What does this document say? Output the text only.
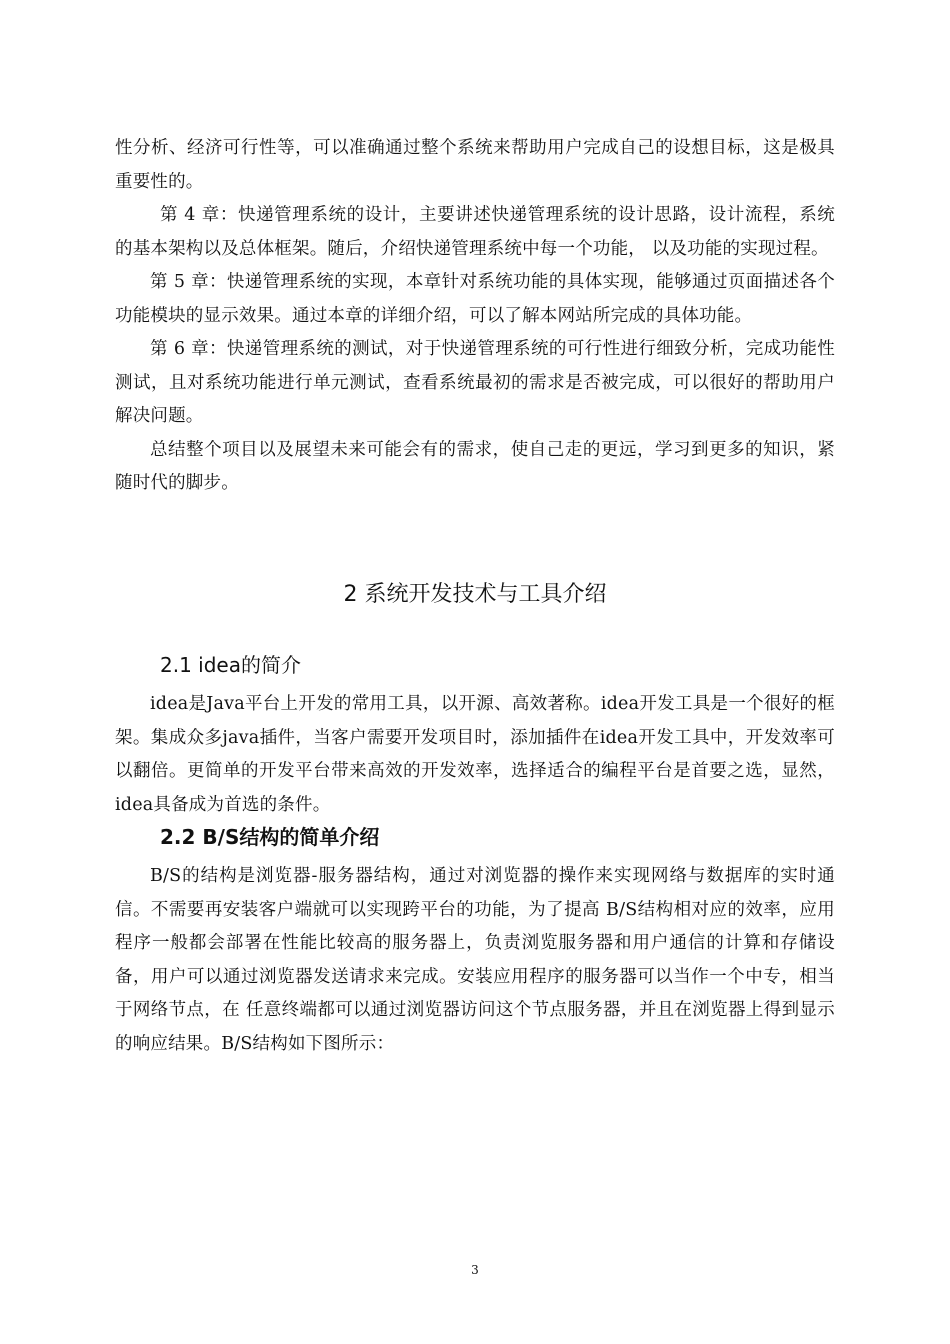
性分析、经济可行性等，可以准确通过整个系统来帮助用户完成自己的设想目标，这是极具重要性的。

第 4 章：快递管理系统的设计，主要讲述快递管理系统的设计思路，设计流程，系统的基本架构以及总体框架。随后，介绍快递管理系统中每一个功能， 以及功能的实现过程。

第 5 章：快递管理系统的实现，本章针对系统功能的具体实现，能够通过页面描述各个功能模块的显示效果。通过本章的详细介绍，可以了解本网站所完成的具体功能。

第 6 章：快递管理系统的测试，对于快递管理系统的可行性进行细致分析，完成功能性测试，且对系统功能进行单元测试，查看系统最初的需求是否被完成，可以很好的帮助用户解决问题。

总结整个项目以及展望未来可能会有的需求，使自己走的更远，学习到更多的知识，紧随时代的脚步。

2 系统开发技术与工具介绍
2.1 idea的简介

idea是Java平台上开发的常用工具，以开源、高效著称。idea开发工具是一个很好的框架。集成众多java插件，当客户需要开发项目时，添加插件在idea开发工具中，开发效率可以翻倍。更简单的开发平台带来高效的开发效率，选择适合的编程平台是首要之选，显然，idea具备成为首选的条件。

2.2 B/S结构的简单介绍

B/S的结构是浏览器-服务器结构，通过对浏览器的操作来实现网络与数据库的实时通信。不需要再安装客户端就可以实现跨平台的功能，为了提高 B/S结构相对应的效率，应用程序一般都会部署在性能比较高的服务器上，负责浏览服务器和用户通信的计算和存储设备，用户可以通过浏览器发送请求来完成。安装应用程序的服务器可以当作一个中专，相当于网络节点，在 任意终端都可以通过浏览器访问这个节点服务器，并且在浏览器上得到显示的响应结果。B/S结构如下图所示：

3
